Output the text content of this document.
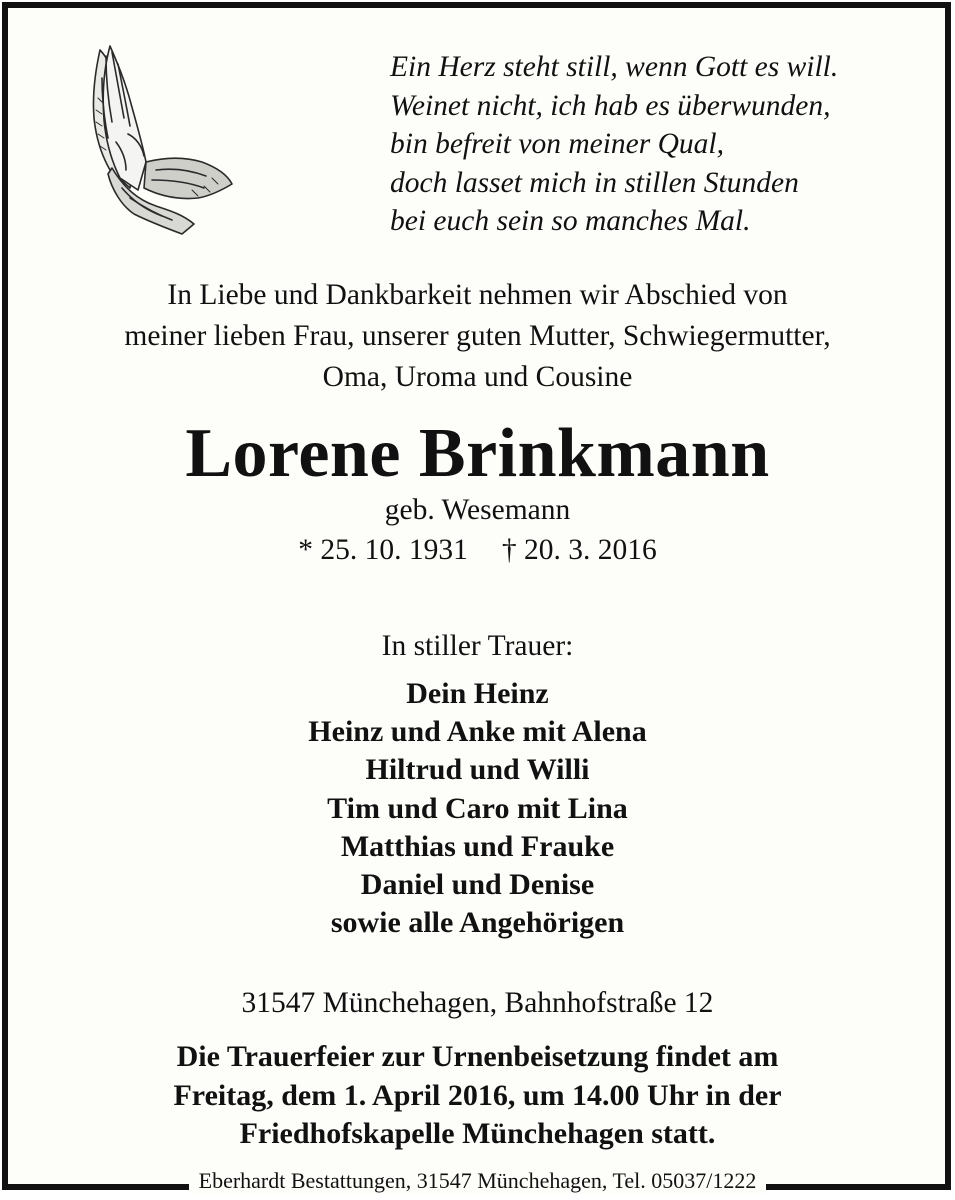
Ein Herz steht still, wenn Gott es will.
Weinet nicht, ich hab es überwunden,
bin befreit von meiner Qual,
doch lasset mich in stillen Stunden
bei euch sein so manches Mal.
In Liebe und Dankbarkeit nehmen wir Abschied von
meiner lieben Frau, unserer guten Mutter, Schwiegermutter,
Oma, Uroma und Cousine
Lorene Brinkmann
geb. Wesemann
* 25. 10. 1931 † 20. 3. 2016
In stiller Trauer:
Dein Heinz
Heinz und Anke mit Alena
Hiltrud und Willi
Tim und Caro mit Lina
Matthias und Frauke
Daniel und Denise
sowie alle Angehörigen
31547 Münchehagen, Bahnhofstraße 12
Die Trauerfeier zur Urnenbeisetzung findet am
Freitag, dem 1. April 2016, um 14.00 Uhr in der
Friedhofskapelle Münchehagen statt.
Eberhardt Bestattungen, 31547 Münchehagen, Tel. 05037/1222
